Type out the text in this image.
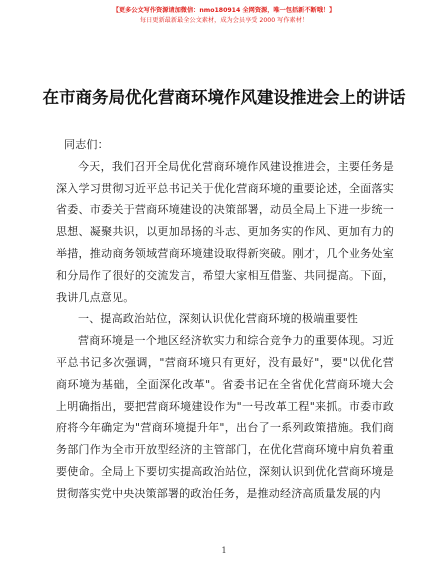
【更多公文写作资源请加微信：nmo180914 全网资源，唯一包括新不断哦！】
每日更新最新最全公文素材，成为会员享受 2000 写作素材！
在市商务局优化营商环境作风建设推进会上的讲话

同志们：

今天，我们召开全局优化营商环境作风建设推进会，主要任务是深入学习贯彻习近平总书记关于优化营商环境的重要论述，全面落实省委、市委关于营商环境建设的决策部署，动员全局上下进一步统一思想、凝聚共识，以更加昂扬的斗志、更加务实的作风、更加有力的举措，推动商务领域营商环境建设取得新突破。刚才，几个业务处室和分局作了很好的交流发言，希望大家相互借鉴、共同提高。下面，我讲几点意见。

一、提高政治站位，深刻认识优化营商环境的极端重要性

营商环境是一个地区经济软实力和综合竞争力的重要体现。习近平总书记多次强调，"营商环境只有更好，没有最好"，要"以优化营商环境为基础，全面深化改革"。省委书记在全省优化营商环境大会上明确指出，要把营商环境建设作为"一号改革工程"来抓。市委市政府将今年确定为"营商环境提升年"，出台了一系列政策措施。我们商务部门作为全市开放型经济的主管部门，在优化营商环境中肩负着重要使命。全局上下要切实提高政治站位，深刻认识到优化营商环境是贯彻落实党中央决策部署的政治任务，是推动经济高质量发展的内

1
